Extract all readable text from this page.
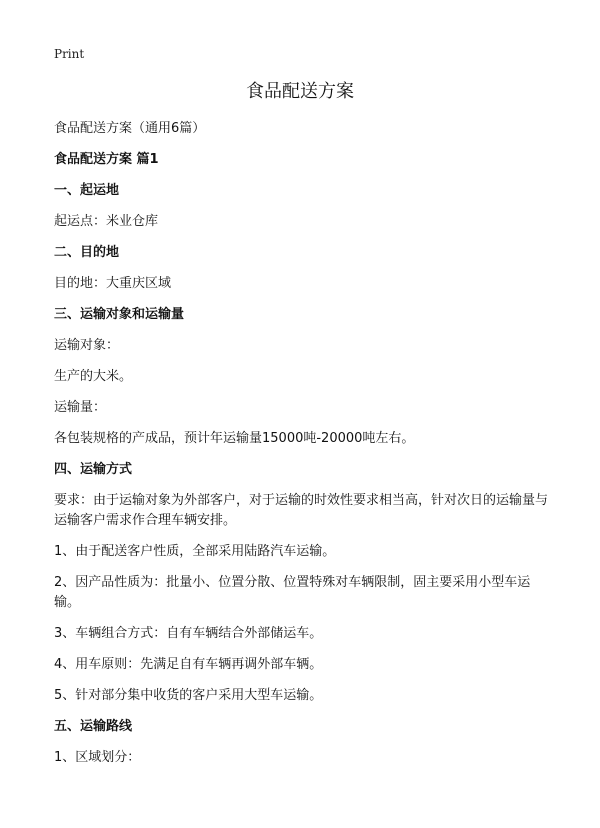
Print
食品配送方案

食品配送方案（通用6篇）

食品配送方案 篇1

一、起运地

起运点：米业仓库

二、目的地

目的地：大重庆区域

三、运输对象和运输量

运输对象：

生产的大米。

运输量：

各包装规格的产成品，预计年运输量15000吨-20000吨左右。

四、运输方式

要求：由于运输对象为外部客户，对于运输的时效性要求相当高，针对次日的运输量与运输客户需求作合理车辆安排。

1、由于配送客户性质，全部采用陆路汽车运输。

2、因产品性质为：批量小、位置分散、位置特殊对车辆限制，固主要采用小型车运输。

3、车辆组合方式：自有车辆结合外部储运车。

4、用车原则：先满足自有车辆再调外部车辆。

5、针对部分集中收货的客户采用大型车运输。

五、运输路线

1、区域划分：
